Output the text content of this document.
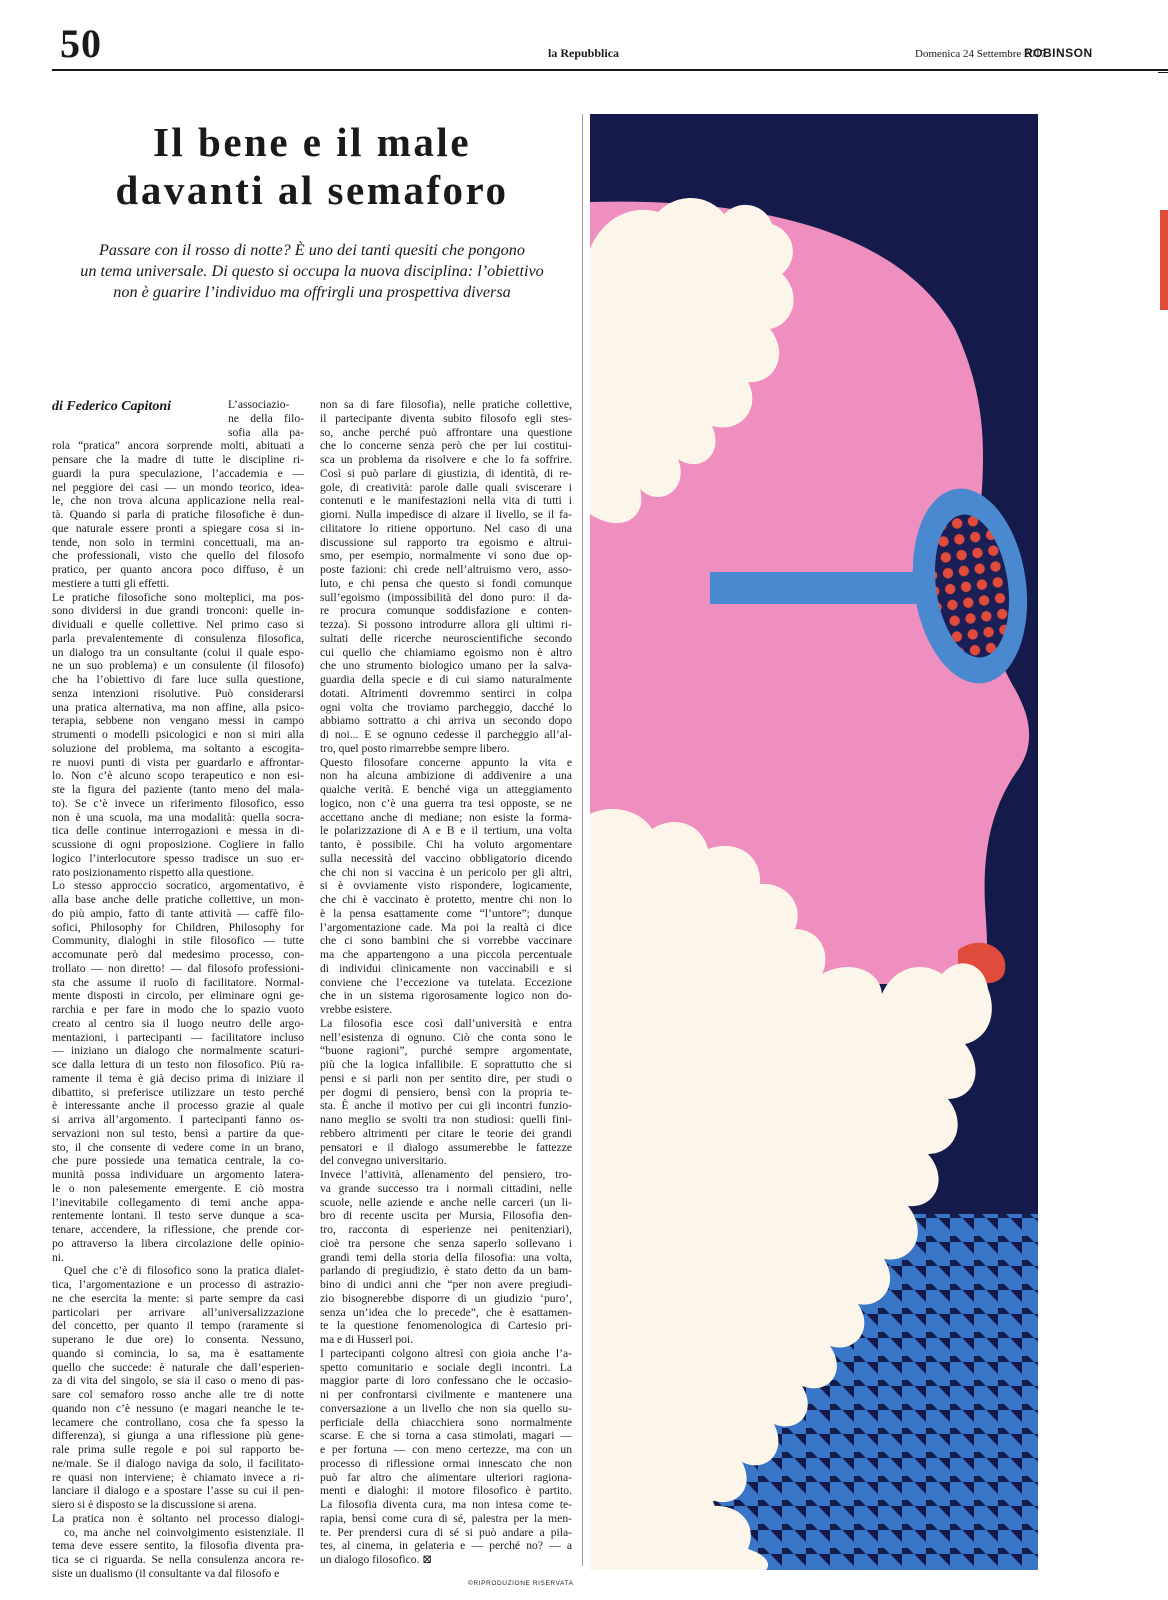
50	la Repubblica	Domenica 24 Settembre 2017
ROBINSON
Il bene e il male
davanti al semaforo

Passare con il rosso di notte? È uno dei tanti quesiti che pongono
un tema universale. Di questo si occupa la nuova disciplina: l’obiettivo
non è guarire l’individuo ma offrirgli una prospettiva diversa

di Federico Capitoni	L’associazio-
ne della filo-
sofia alla pa-
rola “pratica” ancora sorprende molti, abituati a
pensare che la madre di tutte le discipline ri-
guardi la pura speculazione, l’accademia e —
nel peggiore dei casi — un mondo teorico, idea-
le, che non trova alcuna applicazione nella real-
tà. Quando si parla di pratiche filosofiche è dun-
que naturale essere pronti a spiegare cosa si in-
tende, non solo in termini concettuali, ma an-
che professionali, visto che quello del filosofo
pratico, per quanto ancora poco diffuso, è un
mestiere a tutti gli effetti.
Le pratiche filosofiche sono molteplici, ma pos-
sono dividersi in due grandi tronconi: quelle in-
dividuali e quelle collettive. Nel primo caso si
parla prevalentemente di consulenza filosofica,
un dialogo tra un consultante (colui il quale espo-
ne un suo problema) e un consulente (il filosofo)
che ha l’obiettivo di fare luce sulla questione,
senza intenzioni risolutive. Può considerarsi
una pratica alternativa, ma non affine, alla psico-
terapia, sebbene non vengano messi in campo
strumenti o modelli psicologici e non si miri alla
soluzione del problema, ma soltanto a escogita-
re nuovi punti di vista per guardarlo e affrontar-
lo. Non c’è alcuno scopo terapeutico e non esi-
ste la figura del paziente (tanto meno del mala-
to). Se c’è invece un riferimento filosofico, esso
non è una scuola, ma una modalità: quella socra-
tica delle continue interrogazioni e messa in di-
scussione di ogni proposizione. Cogliere in fallo
logico l’interlocutore spesso tradisce un suo er-
rato posizionamento rispetto alla questione.
Lo stesso approccio socratico, argomentativo, è
alla base anche delle pratiche collettive, un mon-
do più ampio, fatto di tante attività — caffè filo-
sofici, Philosophy for Children, Philosophy for
Community, dialoghi in stile filosofico — tutte
accomunate però dal medesimo processo, con-
trollato — non diretto! — dal filosofo professioni-
sta che assume il ruolo di facilitatore. Normal-
mente disposti in circolo, per eliminare ogni ge-
rarchia e per fare in modo che lo spazio vuoto
creato al centro sia il luogo neutro delle argo-
mentazioni, i partecipanti — facilitatore incluso
— iniziano un dialogo che normalmente scaturi-
sce dalla lettura di un testo non filosofico. Più ra-
ramente il tema è già deciso prima di iniziare il
dibattito, si preferisce utilizzare un testo perché
è interessante anche il processo grazie al quale
si arriva all’argomento. I partecipanti fanno os-
servazioni non sul testo, bensì a partire da que-
sto, il che consente di vedere come in un brano,
che pure possiede una tematica centrale, la co-
munità possa individuare un argomento latera-
le o non palesemente emergente. E ciò mostra
l’inevitabile collegamento di temi anche appa-
rentemente lontani. Il testo serve dunque a sca-
tenare, accendere, la riflessione, che prende cor-
po attraverso la libera circolazione delle opinio-
ni.
Quel che c’è di filosofico sono la pratica dialet-
tica, l’argomentazione e un processo di astrazio-
ne che esercita la mente: si parte sempre da casi
particolari per arrivare all’universalizzazione
del concetto, per quanto il tempo (raramente si
superano le due ore) lo consenta. Nessuno,
quando si comincia, lo sa, ma è esattamente
quello che succede: è naturale che dall’esperien-
za di vita del singolo, se sia il caso o meno di pas-
sare col semaforo rosso anche alle tre di notte
quando non c’è nessuno (e magari neanche le te-
lecamere che controllano, cosa che fa spesso la
differenza), si giunga a una riflessione più gene-
rale prima sulle regole e poi sul rapporto be-
ne/male. Se il dialogo naviga da solo, il facilitato-
re quasi non interviene; è chiamato invece a ri-
lanciare il dialogo e a spostare l’asse su cui il pen-
siero si è disposto se la discussione si arena.
La pratica non è soltanto nel processo dialogi-
co, ma anche nel coinvolgimento esistenziale. Il
tema deve essere sentito, la filosofia diventa pra-
tica se ci riguarda. Se nella consulenza ancora re-
siste un dualismo (il consultante va dal filosofo e
non sa di fare filosofia), nelle pratiche collettive,
il partecipante diventa subito filosofo egli stes-
so, anche perché può affrontare una questione
che lo concerne senza però che per lui costitui-
sca un problema da risolvere e che lo fa soffrire.
Così si può parlare di giustizia, di identità, di re-
gole, di creatività: parole dalle quali sviscerare i
contenuti e le manifestazioni nella vita di tutti i
giorni. Nulla impedisce di alzare il livello, se il fa-
cilitatore lo ritiene opportuno. Nel caso di una
discussione sul rapporto tra egoismo e altrui-
smo, per esempio, normalmente vi sono due op-
poste fazioni: chi crede nell’altruismo vero, asso-
luto, e chi pensa che questo si fondi comunque
sull’egoismo (impossibilità del dono puro: il da-
re procura comunque soddisfazione e conten-
tezza). Si possono introdurre allora gli ultimi ri-
sultati delle ricerche neuroscientifiche secondo
cui quello che chiamiamo egoismo non è altro
che uno strumento biologico umano per la salva-
guardia della specie e di cui siamo naturalmente
dotati. Altrimenti dovremmo sentirci in colpa
ogni volta che troviamo parcheggio, dacché lo
abbiamo sottratto a chi arriva un secondo dopo
di noi... E se ognuno cedesse il parcheggio all’al-
tro, quel posto rimarrebbe sempre libero.
Questo filosofare concerne appunto la vita e
non ha alcuna ambizione di addivenire a una
qualche verità. E benché viga un atteggiamento
logico, non c’è una guerra tra tesi opposte, se ne
accettano anche di mediane; non esiste la forma-
le polarizzazione di A e B e il tertium, una volta
tanto, è possibile. Chi ha voluto argomentare
sulla necessità del vaccino obbligatorio dicendo
che chi non si vaccina è un pericolo per gli altri,
si è ovviamente visto rispondere, logicamente,
che chi è vaccinato è protetto, mentre chi non lo
è la pensa esattamente come “l’untore”; dunque
l’argomentazione cade. Ma poi la realtà ci dice
che ci sono bambini che si vorrebbe vaccinare
ma che appartengono a una piccola percentuale
di individui clinicamente non vaccinabili e si
conviene che l’eccezione va tutelata. Eccezione
che in un sistema rigorosamente logico non do-
vrebbe esistere.
La filosofia esce così dall’università e entra
nell’esistenza di ognuno. Ciò che conta sono le
“buone ragioni”, purché sempre argomentate,
più che la logica infallibile. E soprattutto che si
pensi e si parli non per sentito dire, per studi o
per dogmi di pensiero, bensì con la propria te-
sta. È anche il motivo per cui gli incontri funzio-
nano meglio se svolti tra non studiosi: quelli fini-
rebbero altrimenti per citare le teorie dei grandi
pensatori e il dialogo assumerebbe le fattezze
del convegno universitario.
Invece l’attività, allenamento del pensiero, tro-
va grande successo tra i normali cittadini, nelle
scuole, nelle aziende e anche nelle carceri (un li-
bro di recente uscita per Mursia, Filosofia den-
tro, racconta di esperienze nei penitenziari),
cioè tra persone che senza saperlo sollevano i
grandi temi della storia della filosofia: una volta,
parlando di pregiudizio, è stato detto da un bam-
bino di undici anni che “per non avere pregiudi-
zio bisognerebbe disporre di un giudizio ‘puro’,
senza un’idea che lo precede”, che è esattamen-
te la questione fenomenologica di Cartesio pri-
ma e di Husserl poi.
I partecipanti colgono altresì con gioia anche l’a-
spetto comunitario e sociale degli incontri. La
maggior parte di loro confessano che le occasio-
ni per confrontarsi civilmente e mantenere una
conversazione a un livello che non sia quello su-
perficiale della chiacchiera sono normalmente
scarse. E che si torna a casa stimolati, magari —
e per fortuna — con meno certezze, ma con un
processo di riflessione ormai innescato che non
può far altro che alimentare ulteriori ragiona-
menti e dialoghi: il motore filosofico è partito.
La filosofia diventa cura, ma non intesa come te-
rapia, bensì come cura di sé, palestra per la men-
te. Per prendersi cura di sé si può andare a pila-
tes, al cinema, in gelateria e — perché no? — a
un dialogo filosofico. ⊠
©RIPRODUZIONE RISERVATA
